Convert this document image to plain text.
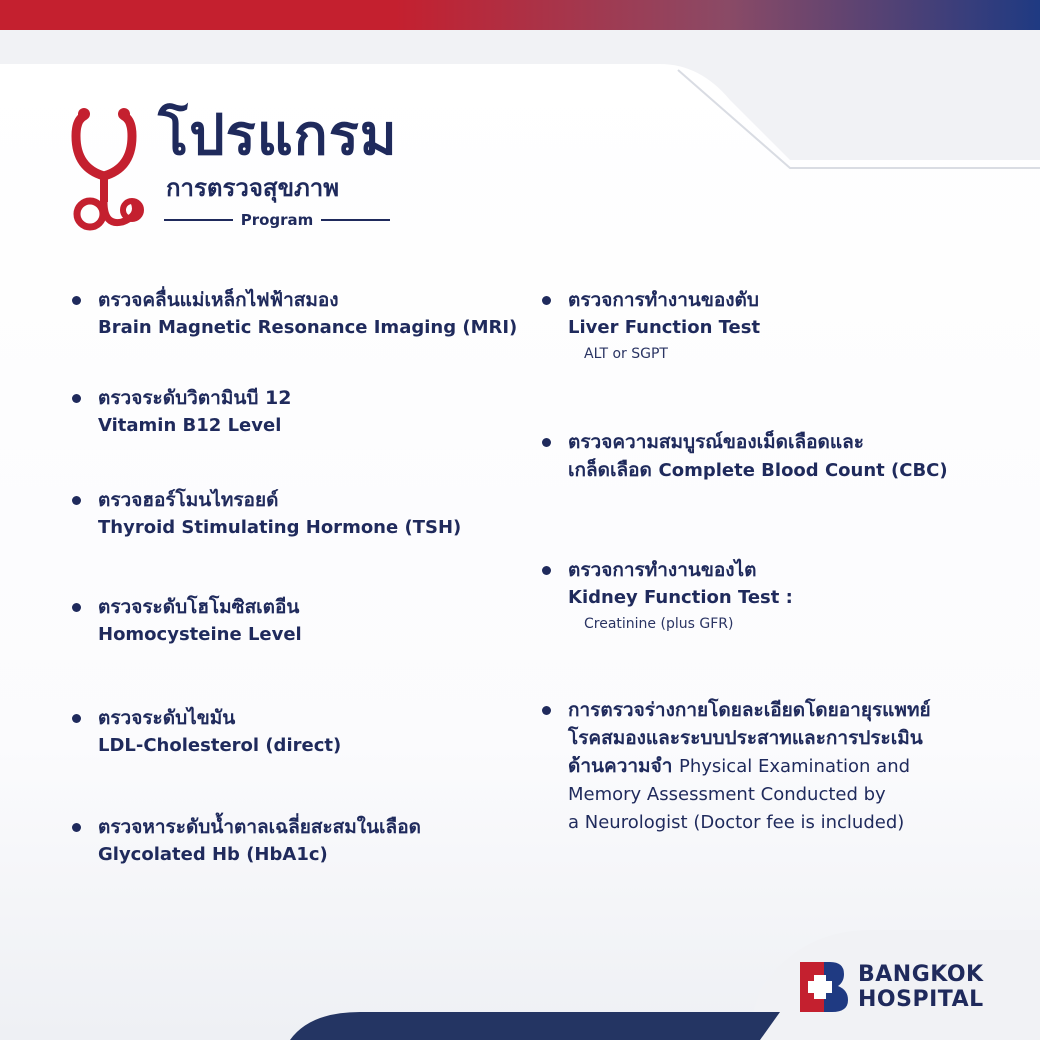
โปรแกรม
การตรวจสุขภาพ
Program
ตรวจคลื่นแม่เหล็กไฟฟ้าสมอง
Brain Magnetic Resonance Imaging (MRI)
ตรวจระดับวิตามินบี 12
Vitamin B12 Level
ตรวจฮอร์โมนไทรอยด์
Thyroid Stimulating Hormone (TSH)
ตรวจระดับโฮโมซิสเตอีน
Homocysteine Level
ตรวจระดับไขมัน
LDL-Cholesterol (direct)
ตรวจหาระดับน้ำตาลเฉลี่ยสะสมในเลือด
Glycolated Hb (HbA1c)
ตรวจการทำงานของตับ
Liver Function Test
ALT or SGPT
ตรวจความสมบูรณ์ของเม็ดเลือดและ
เกล็ดเลือด Complete Blood Count (CBC)
ตรวจการทำงานของไต
Kidney Function Test :
Creatinine (plus GFR)
การตรวจร่างกายโดยละเอียดโดยอายุรแพทย์
โรคสมองและระบบประสาทและการประเมิน
ด้านความจำ Physical Examination and
Memory Assessment Conducted by
a Neurologist (Doctor fee is included)
BANGKOK
HOSPITAL
